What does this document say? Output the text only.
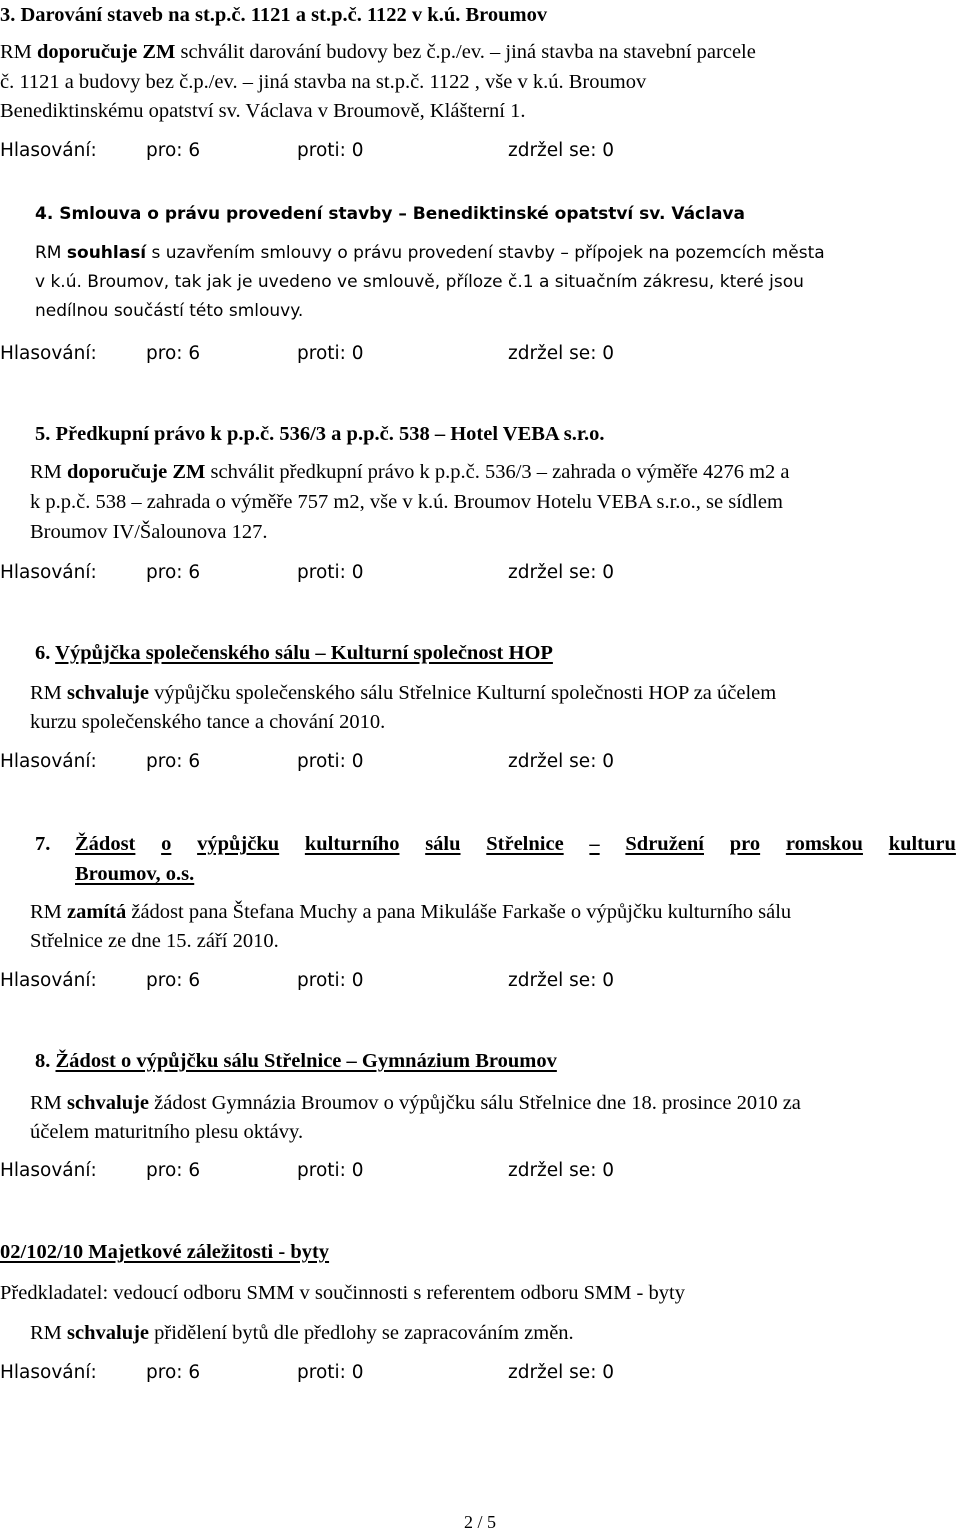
3. Darování staveb na st.p.č. 1121 a st.p.č. 1122 v k.ú. Broumov
RM doporučuje ZM schválit darování budovy bez č.p./ev. – jiná stavba na stavební parcele
č. 1121 a budovy bez č.p./ev. – jiná stavba na st.p.č. 1122 , vše v k.ú. Broumov
Benediktinskému opatství sv. Václava v Broumově, Klášterní 1.
Hlasování:	pro: 6	proti: 0	zdržel se: 0
4. Smlouva o právu provedení stavby – Benediktinské opatství sv. Václava
RM souhlasí s uzavřením smlouvy o právu provedení stavby – přípojek na pozemcích města
v k.ú. Broumov, tak jak je uvedeno ve smlouvě, příloze č.1 a situačním zákresu, které jsou
nedílnou součástí této smlouvy.
Hlasování:	pro: 6	proti: 0	zdržel se: 0
5. Předkupní právo k p.p.č. 536/3 a p.p.č. 538 – Hotel VEBA s.r.o.
RM doporučuje ZM schválit předkupní právo k p.p.č. 536/3 – zahrada o výměře 4276 m2 a
k p.p.č. 538 – zahrada o výměře 757 m2, vše v k.ú. Broumov Hotelu VEBA s.r.o., se sídlem
Broumov IV/Šalounova 127.
Hlasování:	pro: 6	proti: 0	zdržel se: 0
6. Výpůjčka společenského sálu – Kulturní společnost HOP
RM schvaluje výpůjčku společenského sálu Střelnice Kulturní společnosti HOP za účelem
kurzu společenského tance a chování 2010.
Hlasování:	pro: 6	proti: 0	zdržel se: 0
7. Žádost o výpůjčku kulturního sálu Střelnice – Sdružení pro romskou kulturu
Broumov, o.s.
RM zamítá žádost pana Štefana Muchy a pana Mikuláše Farkaše o výpůjčku kulturního sálu
Střelnice ze dne 15. září 2010.
Hlasování:	pro: 6	proti: 0	zdržel se: 0
8. Žádost o výpůjčku sálu Střelnice – Gymnázium Broumov
RM schvaluje žádost Gymnázia Broumov o výpůjčku sálu Střelnice dne 18. prosince 2010 za
účelem maturitního plesu oktávy.
Hlasování:	pro: 6	proti: 0	zdržel se: 0
02/102/10 Majetkové záležitosti - byty
Předkladatel: vedoucí odboru SMM v součinnosti s referentem odboru SMM - byty
RM schvaluje přidělení bytů dle předlohy se zapracováním změn.
Hlasování:	pro: 6	proti: 0	zdržel se: 0
2 / 5
